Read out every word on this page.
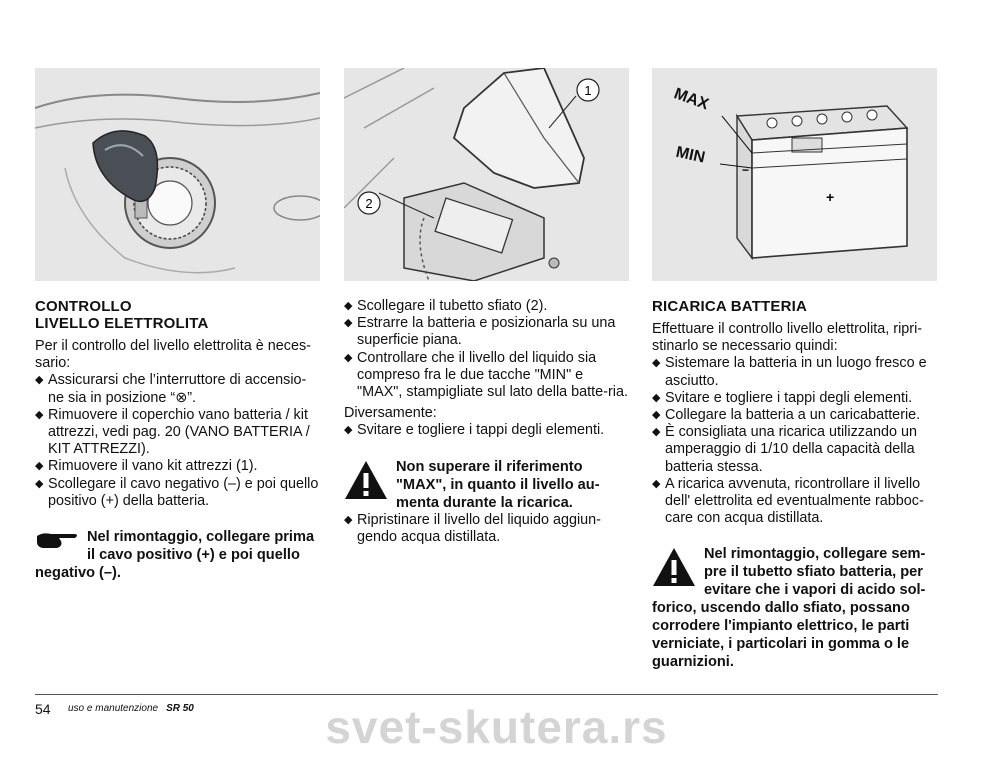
1
2
MAX
MIN
−
+

CONTROLLO

LIVELLO ELETTROLITA

Per il controllo del livello elettrolita è neces-sario:

◆ Assicurarsi che l’interruttore di accensio-ne sia in posizione “⊗”.
◆ Rimuovere il coperchio vano batteria / kit attrezzi, vedi pag. 20 (VANO BATTERIA / KIT ATTREZZI).
◆ Rimuovere il vano kit attrezzi (1).
◆ Scollegare il cavo negativo (–) e poi quello positivo (+) della batteria.
Nel rimontaggio, collegare prima il cavo positivo (+) e poi quello negativo (–).
◆ Scollegare il tubetto sfiato (2).
◆ Estrarre la batteria e posizionarla su una superficie piana.
◆ Controllare che il livello del liquido sia compreso fra le due tacche "MIN" e "MAX", stampigliate sul lato della batte-ria.

Diversamente:

◆ Svitare e togliere i tappi degli elementi.
Non superare il riferimento "MAX", in quanto il livello au-menta durante la ricarica.
◆ Ripristinare il livello del liquido aggiun-gendo acqua distillata.

RICARICA BATTERIA

Effettuare il controllo livello elettrolita, ripri-stinarlo se necessario quindi:

◆ Sistemare la batteria in un luogo fresco e asciutto.
◆ Svitare e togliere i tappi degli elementi.
◆ Collegare la batteria a un caricabatterie.
◆ È consigliata una ricarica utilizzando un amperaggio di 1/10 della capacità della batteria stessa.
◆ A ricarica avvenuta, ricontrollare il livello dell' elettrolita ed eventualmente rabboc-care con acqua distillata.
Nel rimontaggio, collegare sem-pre il tubetto sfiato batteria, per evitare che i vapori di acido sol-forico, uscendo dallo sfiato, possano corrodere l'impianto elettrico, le parti verniciate, i particolari in gomma o le guarnizioni.
54 uso e manutenzione SR 50	svet-skutera.rs
